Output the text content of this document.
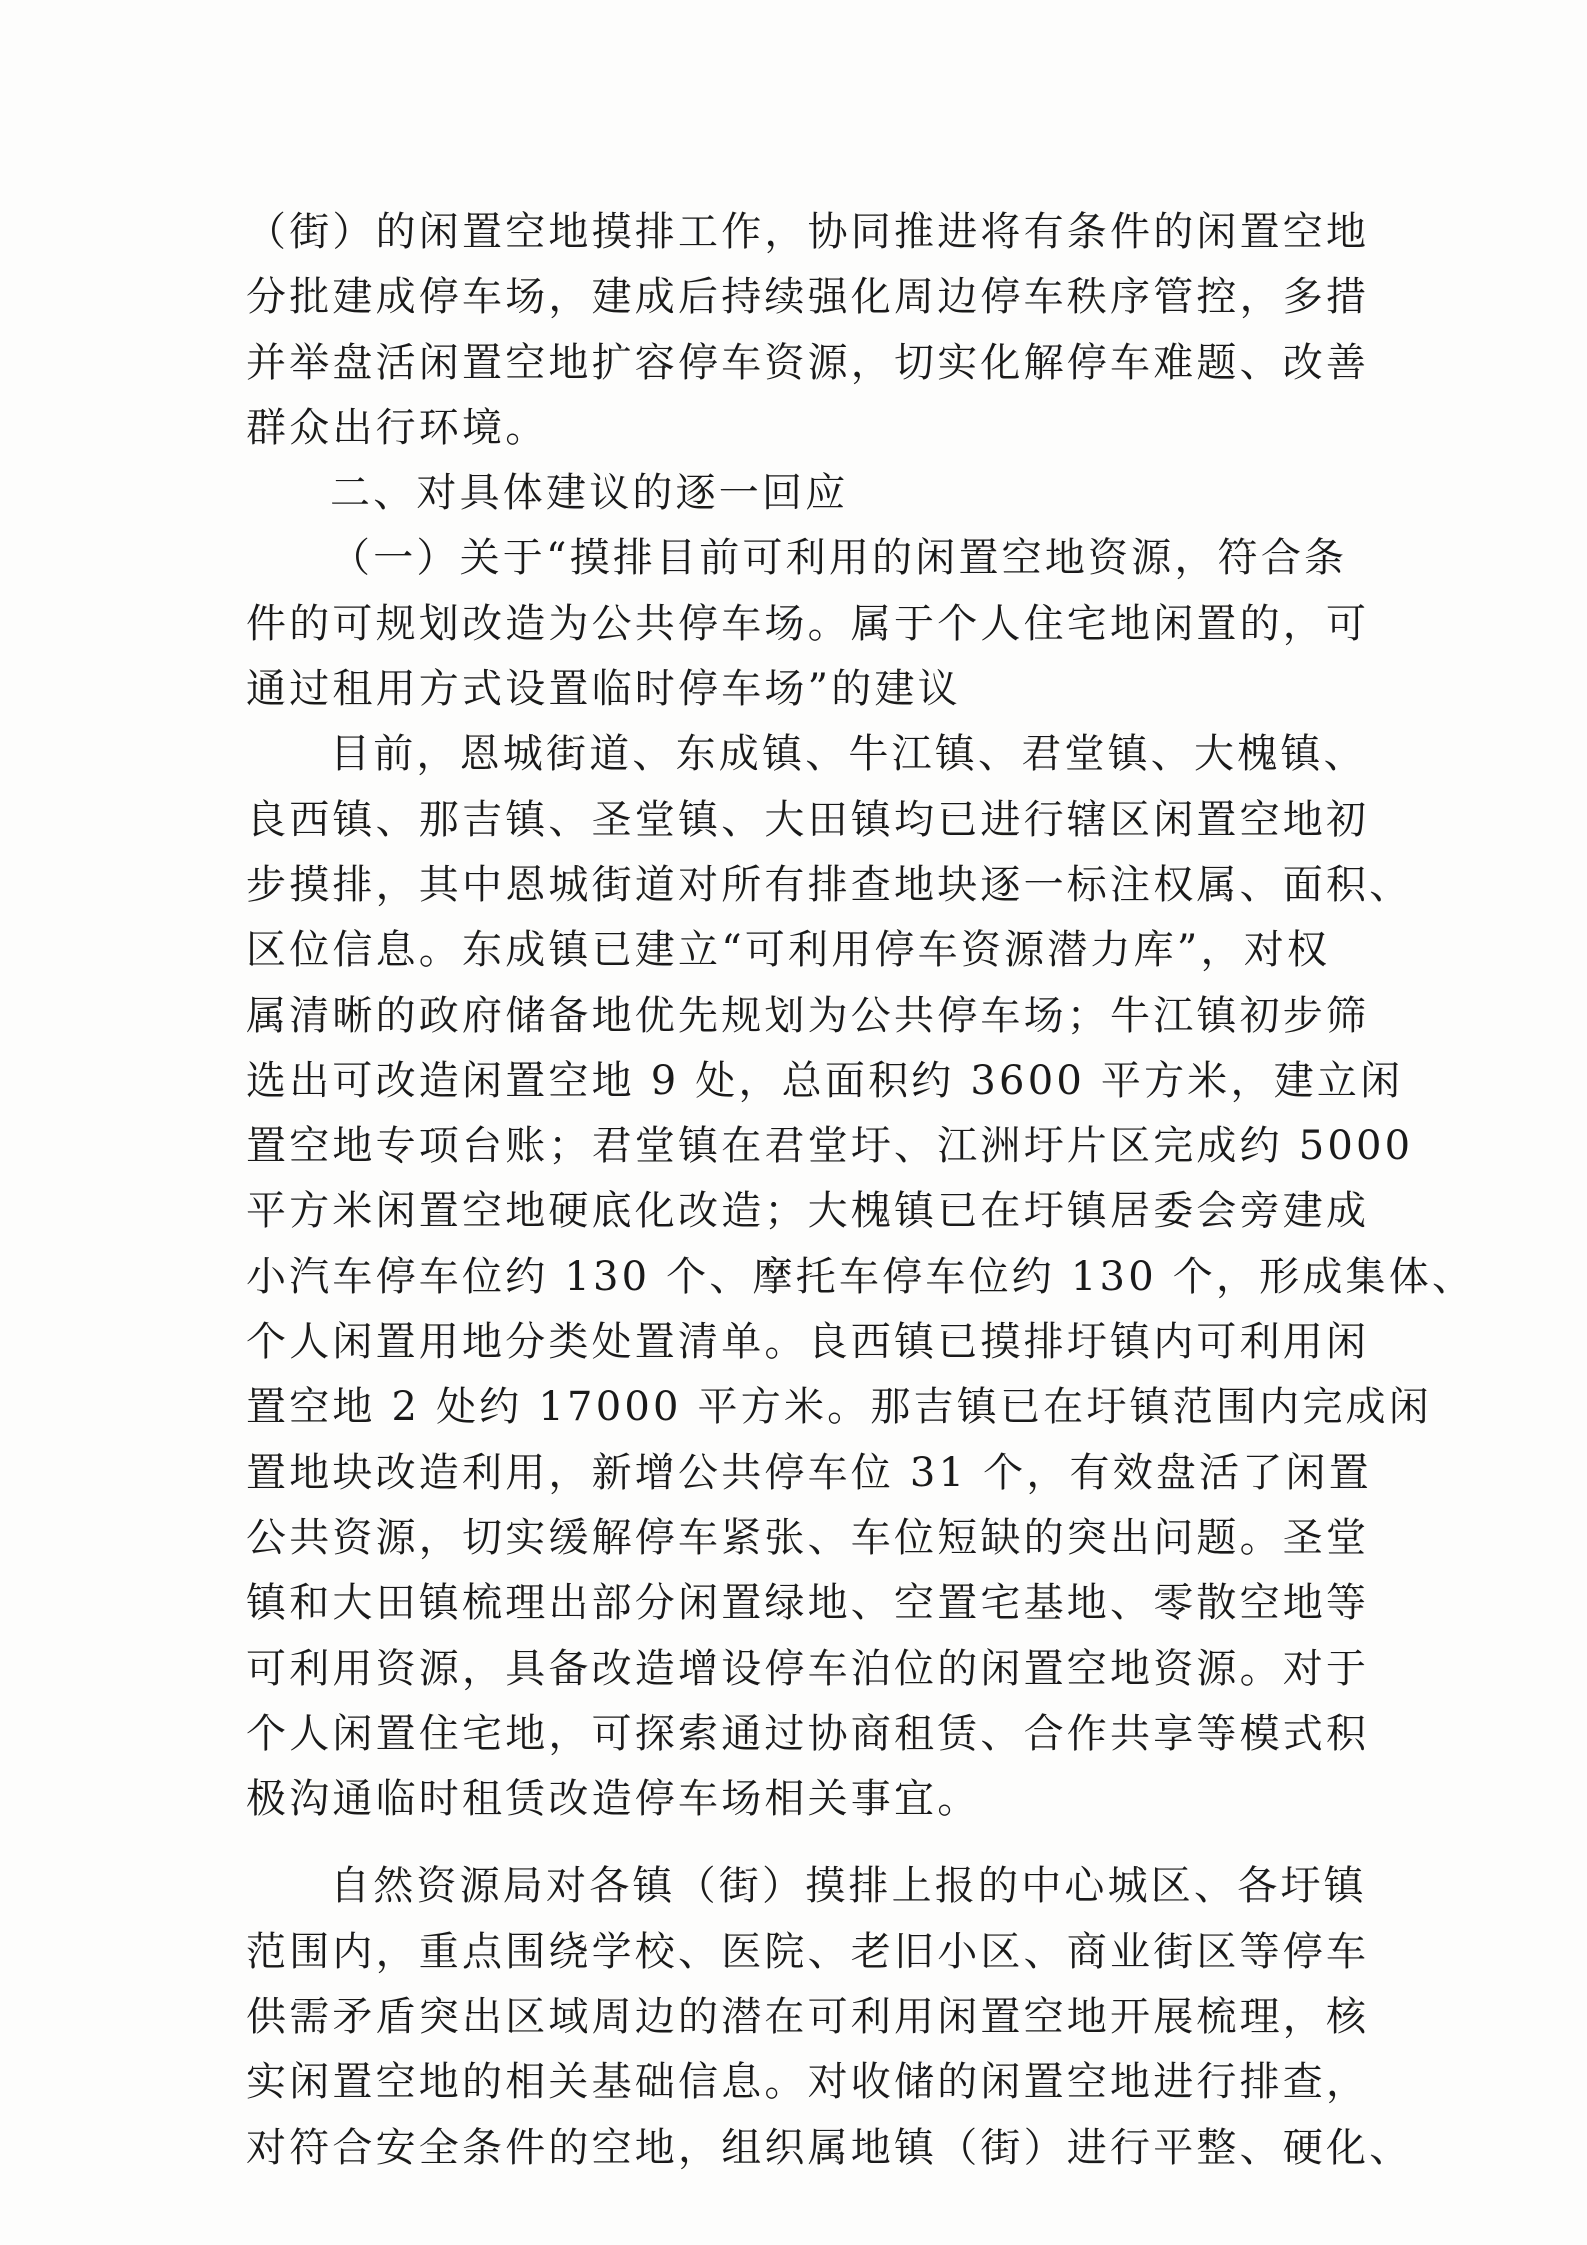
（街）的闲置空地摸排工作，协同推进将有条件的闲置空地
分批建成停车场，建成后持续强化周边停车秩序管控，多措
并举盘活闲置空地扩容停车资源，切实化解停车难题、改善
群众出行环境。
二、对具体建议的逐一回应
（一）关于“摸排目前可利用的闲置空地资源，符合条
件的可规划改造为公共停车场。属于个人住宅地闲置的，可
通过租用方式设置临时停车场”的建议
目前，恩城街道、东成镇、牛江镇、君堂镇、大槐镇、
良西镇、那吉镇、圣堂镇、大田镇均已进行辖区闲置空地初
步摸排，其中恩城街道对所有排查地块逐一标注权属、面积、
区位信息。东成镇已建立“可利用停车资源潜力库”，对权
属清晰的政府储备地优先规划为公共停车场；牛江镇初步筛
选出可改造闲置空地 9 处，总面积约 3600 平方米，建立闲
置空地专项台账；君堂镇在君堂圩、江洲圩片区完成约 5000
平方米闲置空地硬底化改造；大槐镇已在圩镇居委会旁建成
小汽车停车位约 130 个、摩托车停车位约 130 个，形成集体、
个人闲置用地分类处置清单。良西镇已摸排圩镇内可利用闲
置空地 2 处约 17000 平方米。那吉镇已在圩镇范围内完成闲
置地块改造利用，新增公共停车位 31 个，有效盘活了闲置
公共资源，切实缓解停车紧张、车位短缺的突出问题。圣堂
镇和大田镇梳理出部分闲置绿地、空置宅基地、零散空地等
可利用资源，具备改造增设停车泊位的闲置空地资源。对于
个人闲置住宅地，可探索通过协商租赁、合作共享等模式积
极沟通临时租赁改造停车场相关事宜。
自然资源局对各镇（街）摸排上报的中心城区、各圩镇
范围内，重点围绕学校、医院、老旧小区、商业街区等停车
供需矛盾突出区域周边的潜在可利用闲置空地开展梳理，核
实闲置空地的相关基础信息。对收储的闲置空地进行排查，
对符合安全条件的空地，组织属地镇（街）进行平整、硬化、
